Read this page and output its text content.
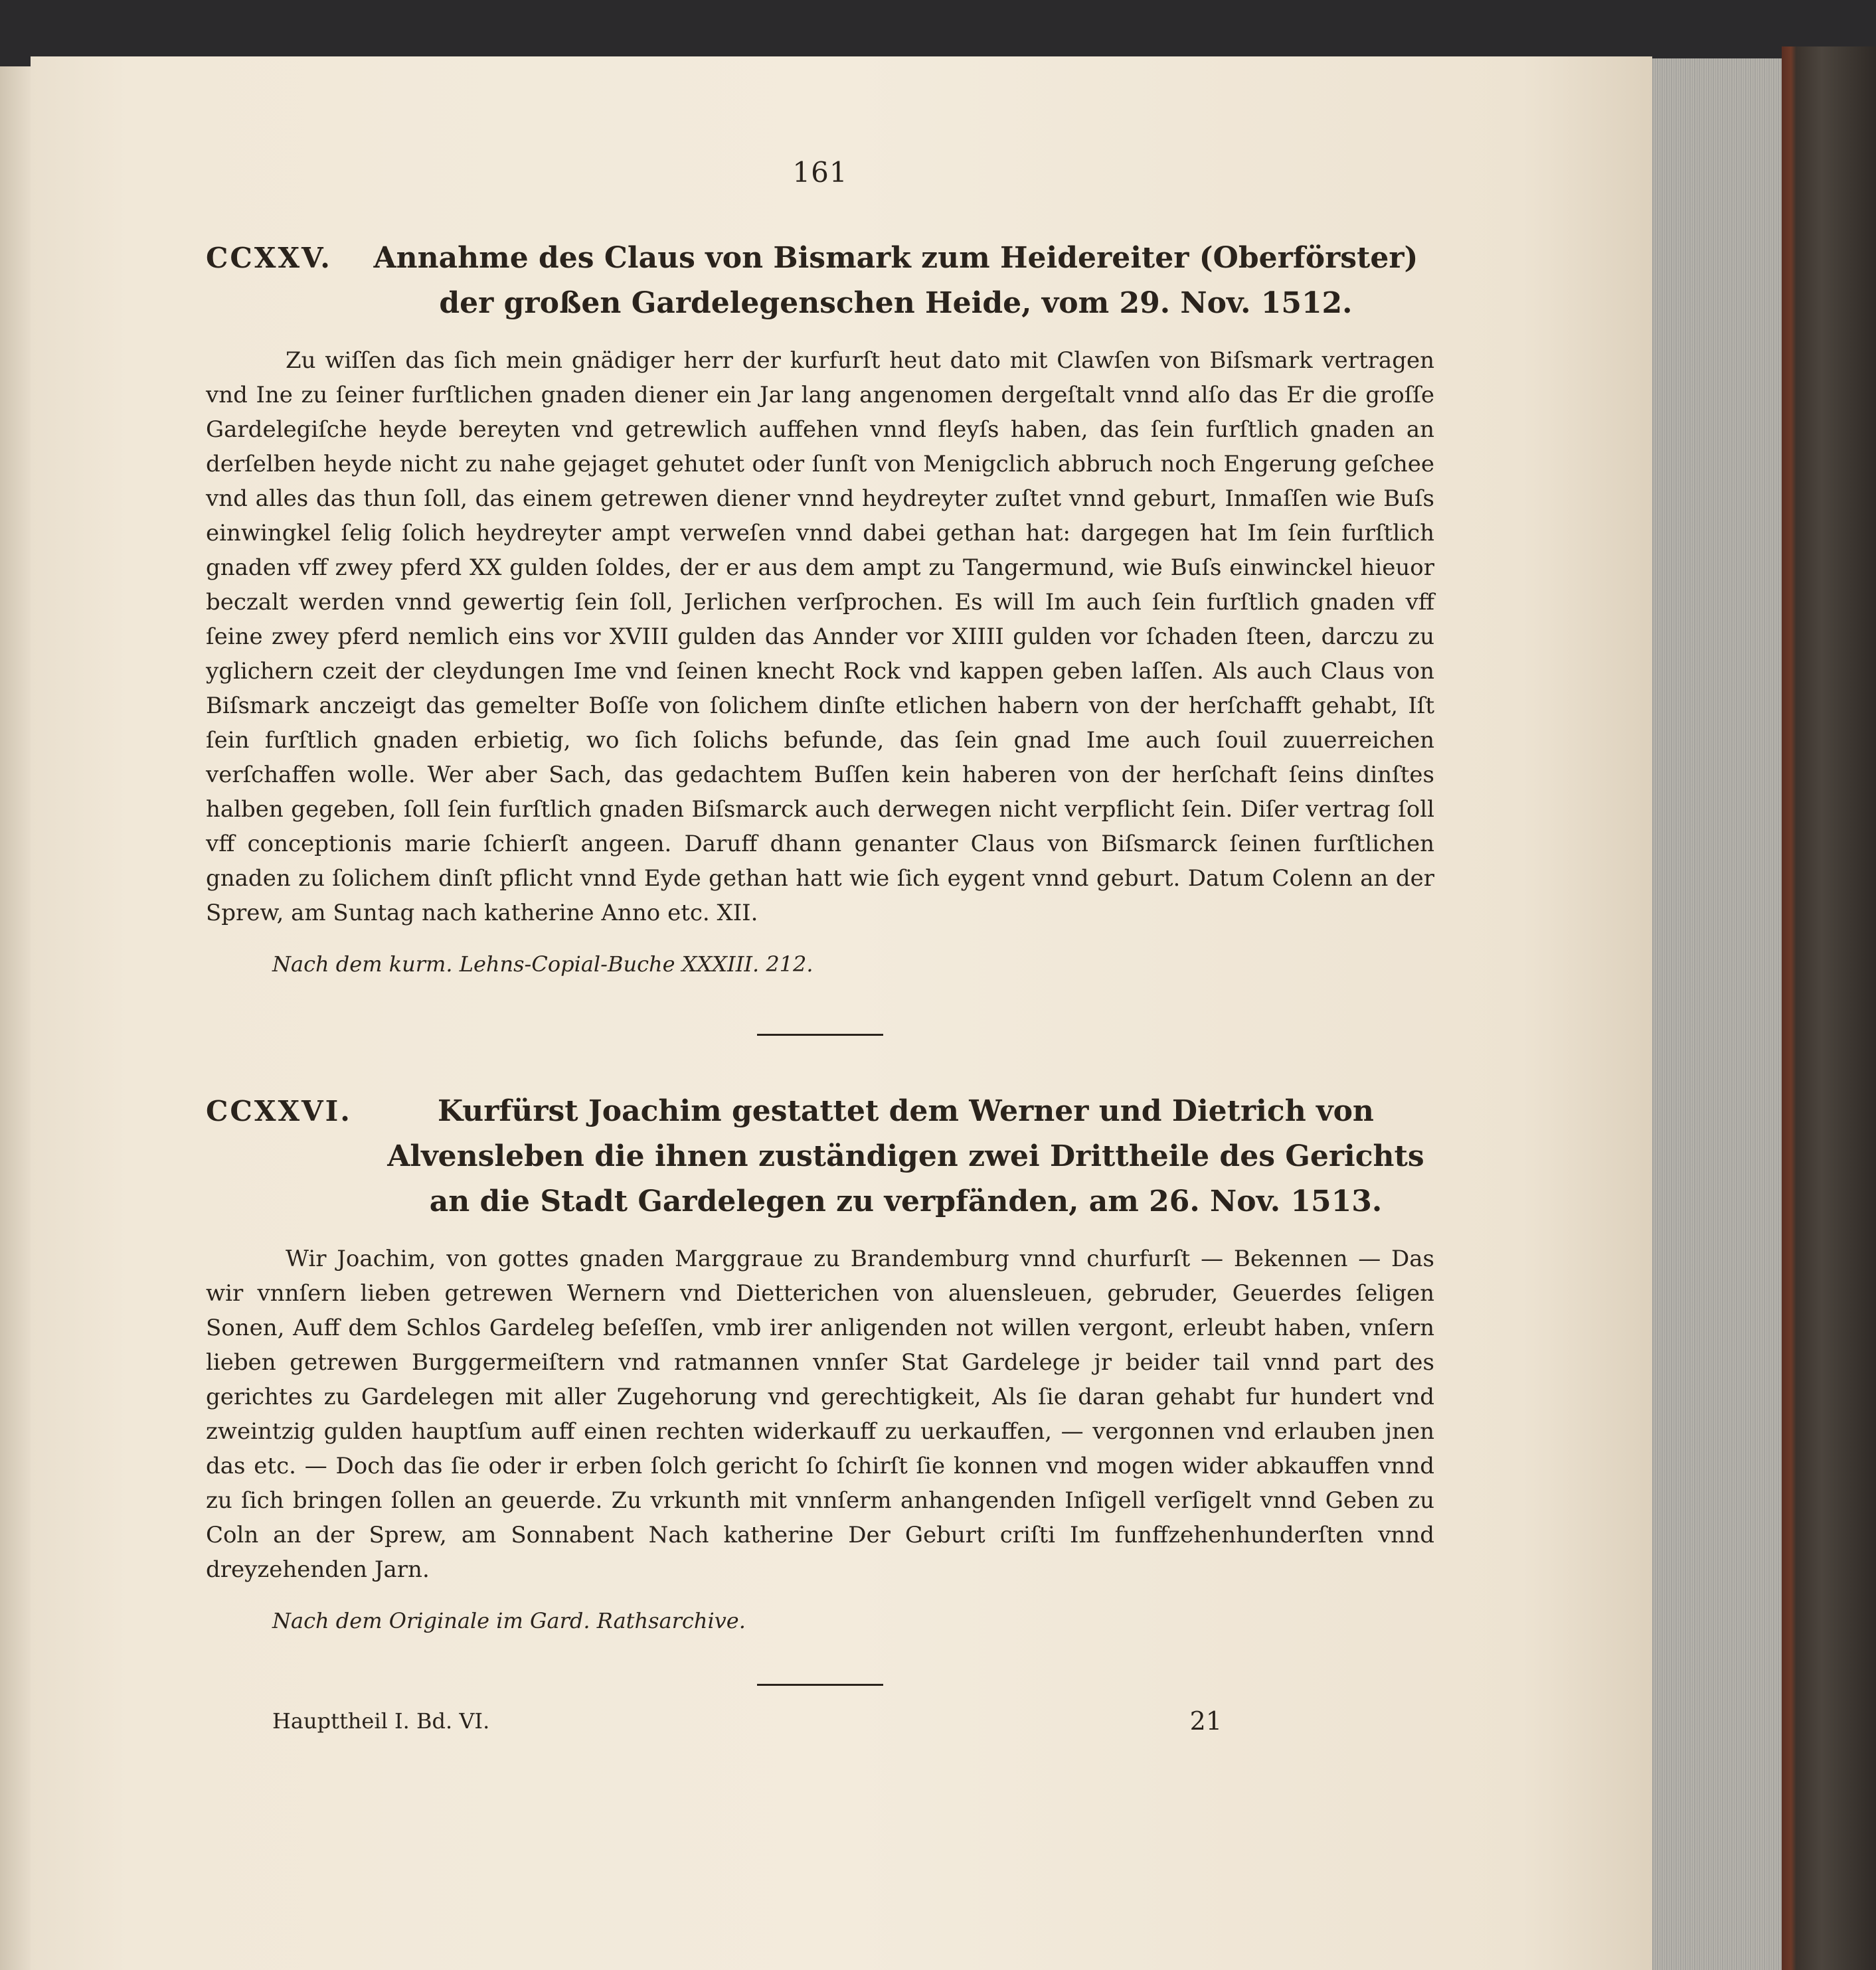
161
CCXXV.	Annahme des Claus von Bismark zum Heidereiter (Oberförster) der großen Gardelegenschen Heide, vom 29. Nov. 1512.
Zu wiſſen das ſich mein gnädiger herr der kurfurſt heut dato mit Clawſen von Biſsmark vertragen vnd Ine zu ſeiner furſtlichen gnaden diener ein Jar lang angenomen dergeſtalt vnnd alſo das Er die groſſe Gardelegiſche heyde bereyten vnd getrewlich auffehen vnnd fleyſs haben, das ſein furſtlich gnaden an derſelben heyde nicht zu nahe gejaget gehutet oder ſunſt von Menigclich abbruch noch Engerung geſchee vnd alles das thun ſoll, das einem getrewen diener vnnd heydreyter zuſtet vnnd geburt, Inmaſſen wie Buſs einwingkel ſelig ſolich heydreyter ampt verweſen vnnd dabei gethan hat: dargegen hat Im ſein furſtlich gnaden vff zwey pferd XX gulden ſoldes, der er aus dem ampt zu Tangermund, wie Buſs einwinckel hieuor beczalt werden vnnd gewertig ſein ſoll, Jerlichen verſprochen. Es will Im auch ſein furſtlich gnaden vff ſeine zwey pferd nemlich eins vor XVIII gulden das Annder vor XIIII gulden vor ſchaden ſteen, darczu zu yglichern czeit der cleydungen Ime vnd ſeinen knecht Rock vnd kappen geben laſſen. Als auch Claus von Biſsmark anczeigt das gemelter Boſſe von ſolichem dinſte etlichen habern von der herſchafft gehabt, Iſt ſein furſtlich gnaden erbietig, wo ſich ſolichs befunde, das ſein gnad Ime auch ſouil zuuerreichen verſchaffen wolle. Wer aber Sach, das gedachtem Buſſen kein haberen von der herſchaft ſeins dinſtes halben gegeben, ſoll ſein furſtlich gnaden Biſsmarck auch derwegen nicht verpflicht ſein. Diſer vertrag ſoll vff conceptionis marie ſchierſt angeen. Daruff dhann genanter Claus von Biſsmarck ſeinen furſtlichen gnaden zu ſolichem dinſt pflicht vnnd Eyde gethan hatt wie ſich eygent vnnd geburt. Datum Colenn an der Sprew, am Suntag nach katherine Anno etc. XII.
Nach dem kurm. Lehns-Copial-Buche XXXIII. 212.
CCXXVI.	Kurfürst Joachim gestattet dem Werner und Dietrich von Alvensleben die ihnen zuständigen zwei Drittheile des Gerichts an die Stadt Gardelegen zu verpfänden, am 26. Nov. 1513.
Wir Joachim, von gottes gnaden Marggraue zu Brandemburg vnnd churfurſt — Bekennen — Das wir vnnſern lieben getrewen Wernern vnd Dietterichen von aluensleuen, gebruder, Geuerdes ſeligen Sonen, Auff dem Schlos Gardeleg beſeſſen, vmb irer anligenden not willen vergont, erleubt haben, vnſern lieben getrewen Burggermeiſtern vnd ratmannen vnnſer Stat Gardelege jr beider tail vnnd part des gerichtes zu Gardelegen mit aller Zugehorung vnd gerechtigkeit, Als ſie daran gehabt fur hundert vnd zweintzig gulden hauptſum auff einen rechten widerkauff zu uerkauffen, — vergonnen vnd erlauben jnen das etc. — Doch das ſie oder ir erben ſolch gericht ſo ſchirſt ſie konnen vnd mogen wider abkauffen vnnd zu ſich bringen ſollen an geuerde. Zu vrkunth mit vnnſerm anhangenden Inſigell verſigelt vnnd Geben zu Coln an der Sprew, am Sonnabent Nach katherine Der Geburt criſti Im funffzehenhunderſten vnnd dreyzehenden Jarn.
Nach dem Originale im Gard. Rathsarchive.
Haupttheil I. Bd. VI.	21
